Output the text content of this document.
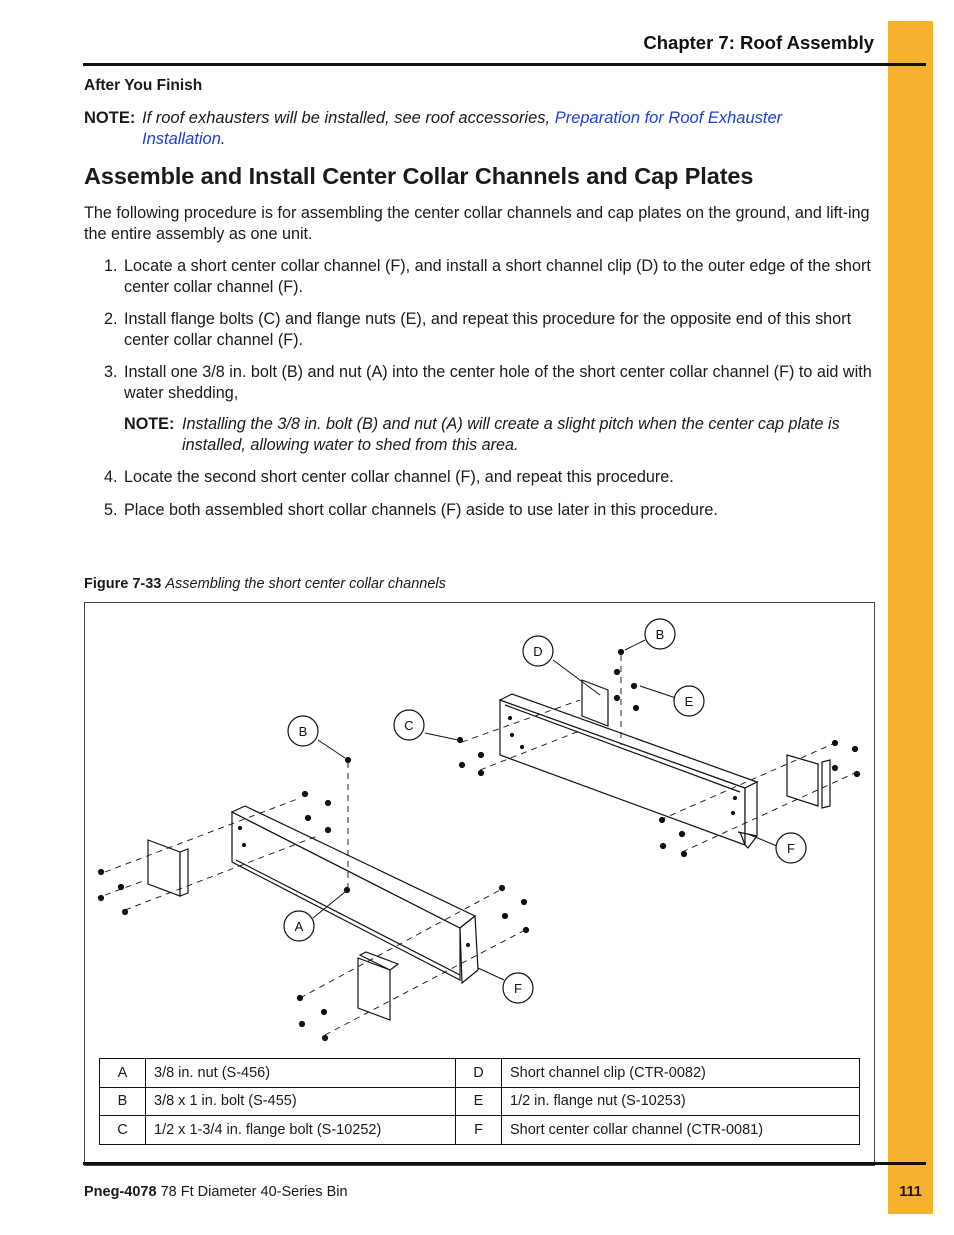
Chapter 7: Roof Assembly
After You Finish
NOTE: If roof exhausters will be installed, see roof accessories, Preparation for Roof Exhauster Installation.
Assemble and Install Center Collar Channels and Cap Plates
The following procedure is for assembling the center collar channels and cap plates on the ground, and lift-ing the entire assembly as one unit.
1. Locate a short center collar channel (F), and install a short channel clip (D) to the outer edge of the short center collar channel (F).
2. Install flange bolts (C) and flange nuts (E), and repeat this procedure for the opposite end of this short center collar channel (F).
3. Install one 3/8 in. bolt (B) and nut (A) into the center hole of the short center collar channel (F) to aid with water shedding,
NOTE: Installing the 3/8 in. bolt (B) and nut (A) will create a slight pitch when the center cap plate is installed, allowing water to shed from this area.
4. Locate the second short center collar channel (F), and repeat this procedure.
5. Place both assembled short collar channels (F) aside to use later in this procedure.
Figure 7-33 Assembling the short center collar channels
D
B
E
C
B
A
F
F
A	3/8 in. nut (S-456)	D	Short channel clip (CTR-0082)
B	3/8 x 1 in. bolt (S-455)	E	1/2 in. flange nut (S-10253)
C	1/2 x 1-3/4 in. flange bolt (S-10252)	F	Short center collar channel (CTR-0081)
Pneg-4078 78 Ft Diameter 40-Series Bin	111
